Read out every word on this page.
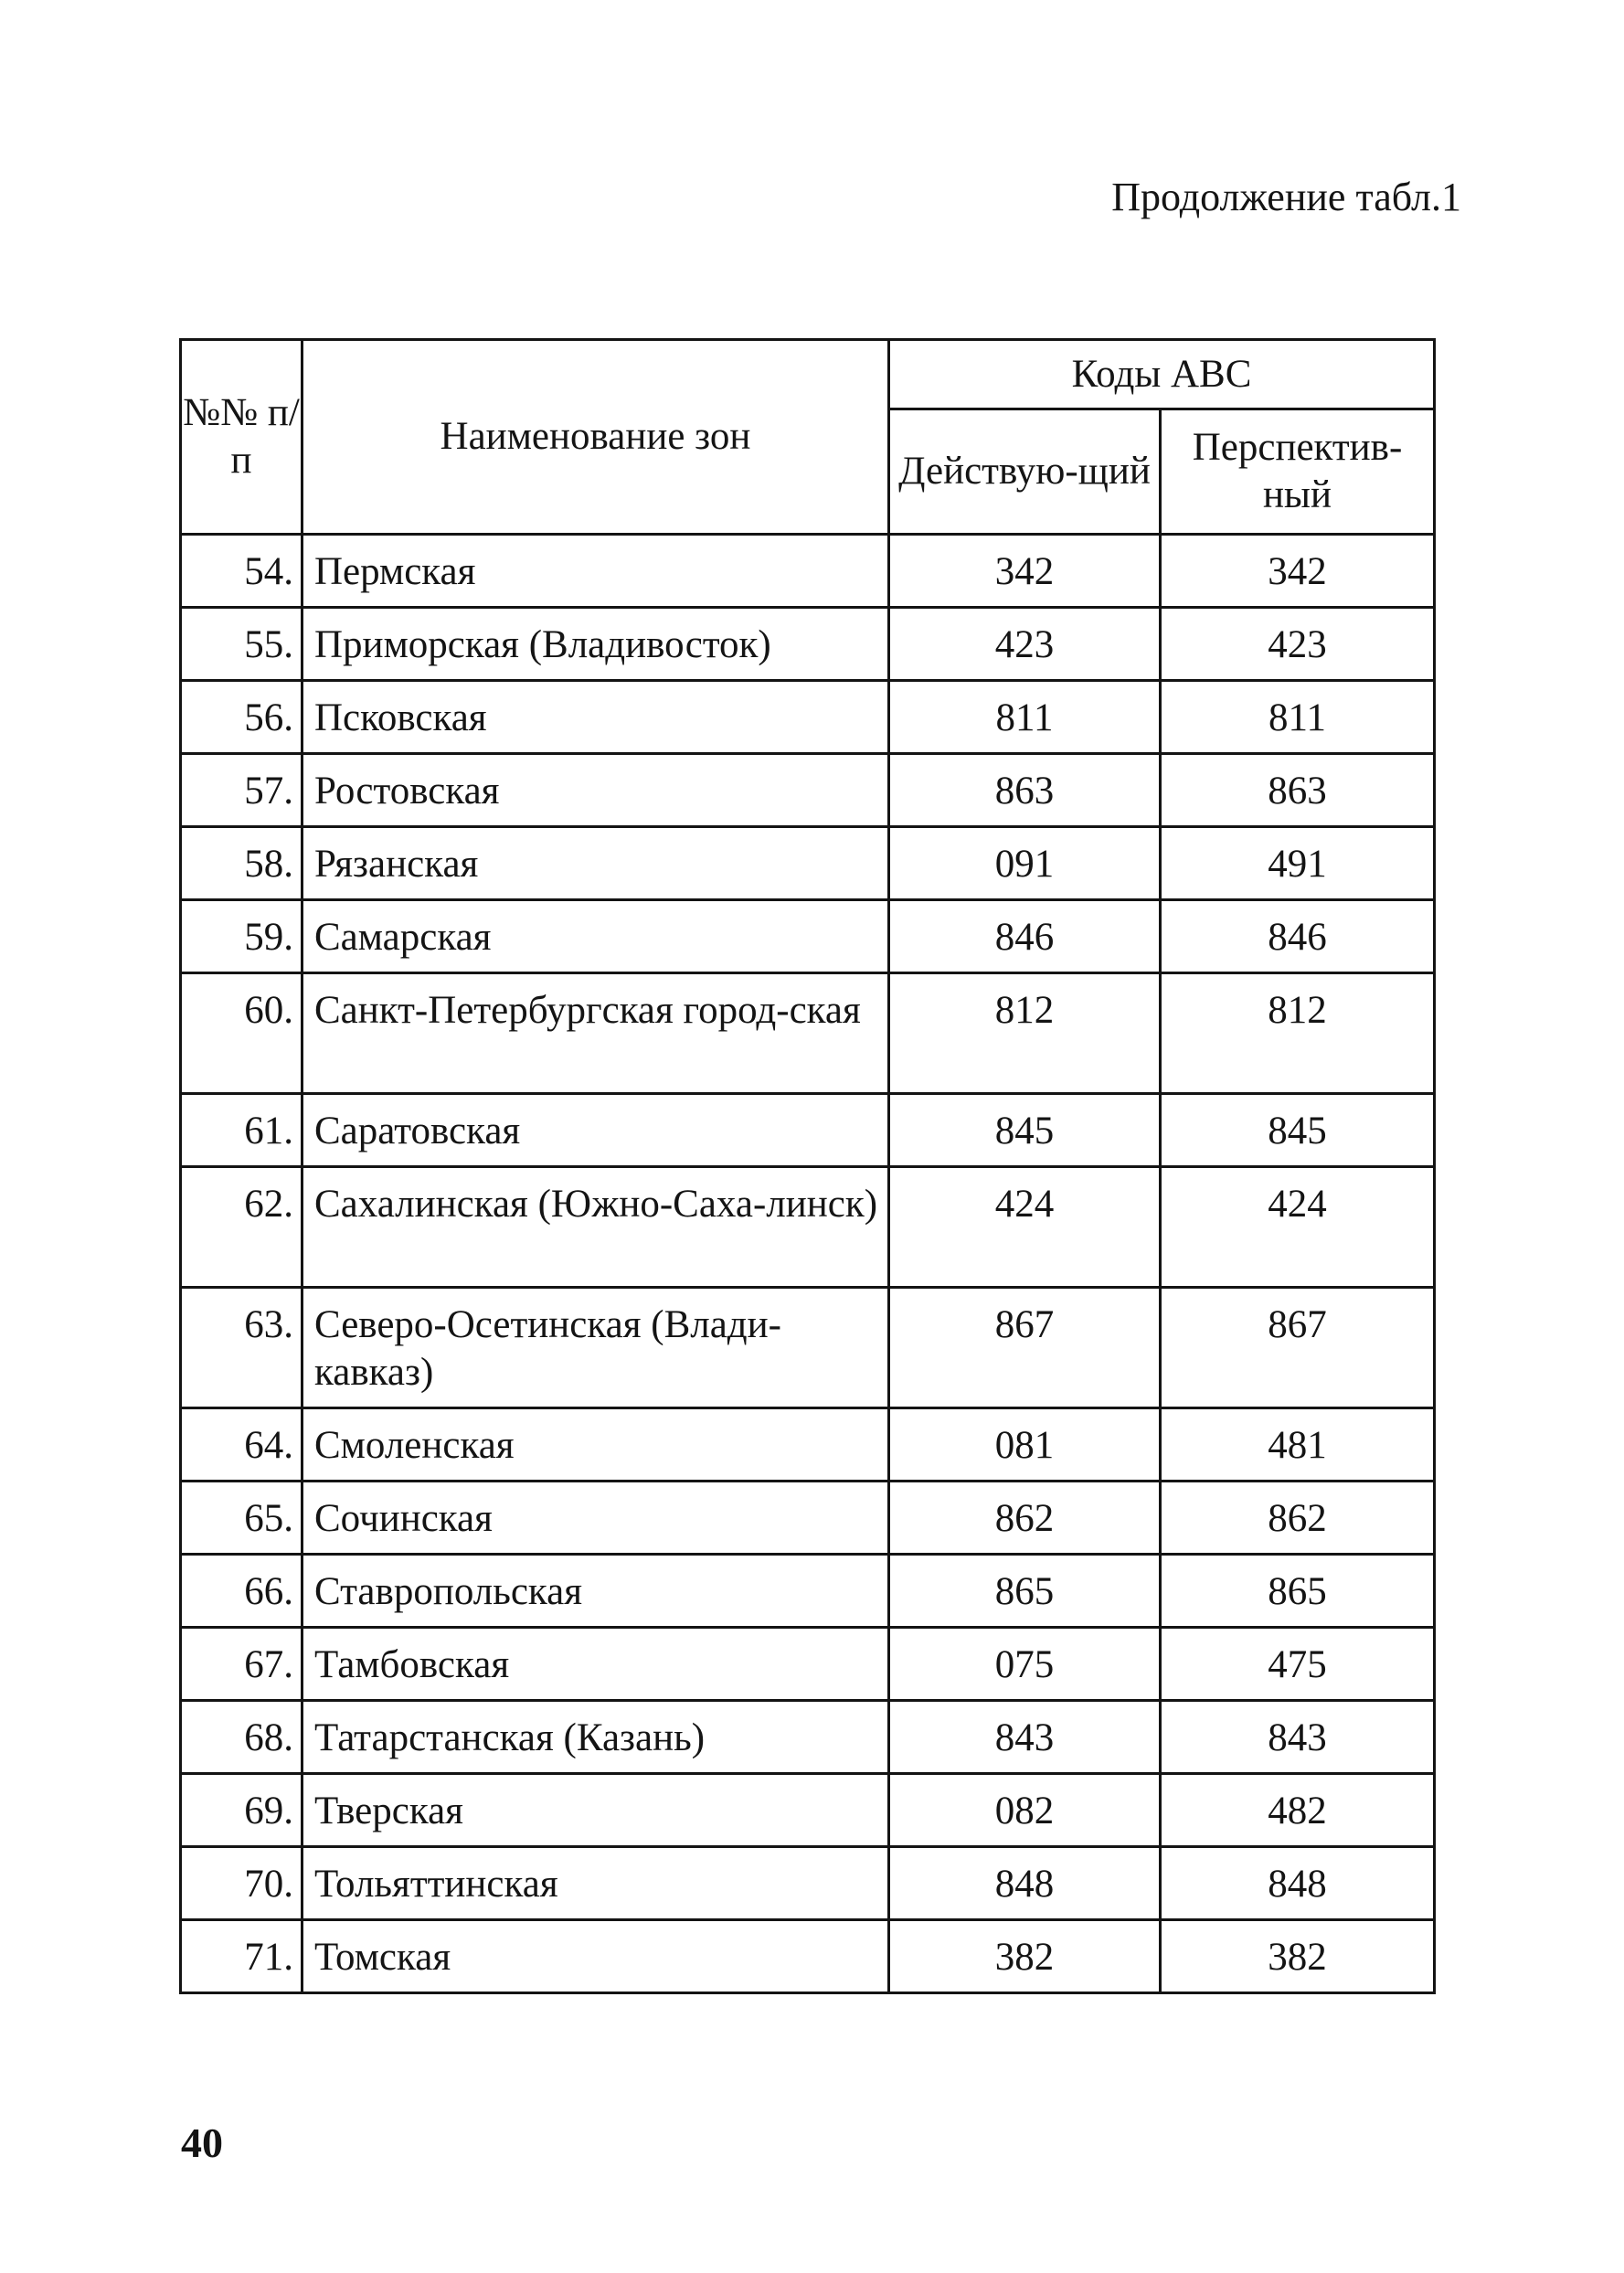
Продолжение табл.1
№№ п/п	Наименование зон	Коды АВС	
		Действую-щий	Перспектив-ный
54.	Пермская	342	342
55.	Приморская (Владивосток)	423	423
56.	Псковская	811	811
57.	Ростовская	863	863
58.	Рязанская	091	491
59.	Самарская	846	846
60.	Санкт-Петербургская город-ская	812	812
61.	Саратовская	845	845
62.	Сахалинская (Южно-Саха-линск)	424	424
63.	Северо-Осетинская (Влади-кавказ)	867	867
64.	Смоленская	081	481
65.	Сочинская	862	862
66.	Ставропольская	865	865
67.	Тамбовская	075	475
68.	Татарстанская (Казань)	843	843
69.	Тверская	082	482
70.	Тольяттинская	848	848
71.	Томская	382	382
40
